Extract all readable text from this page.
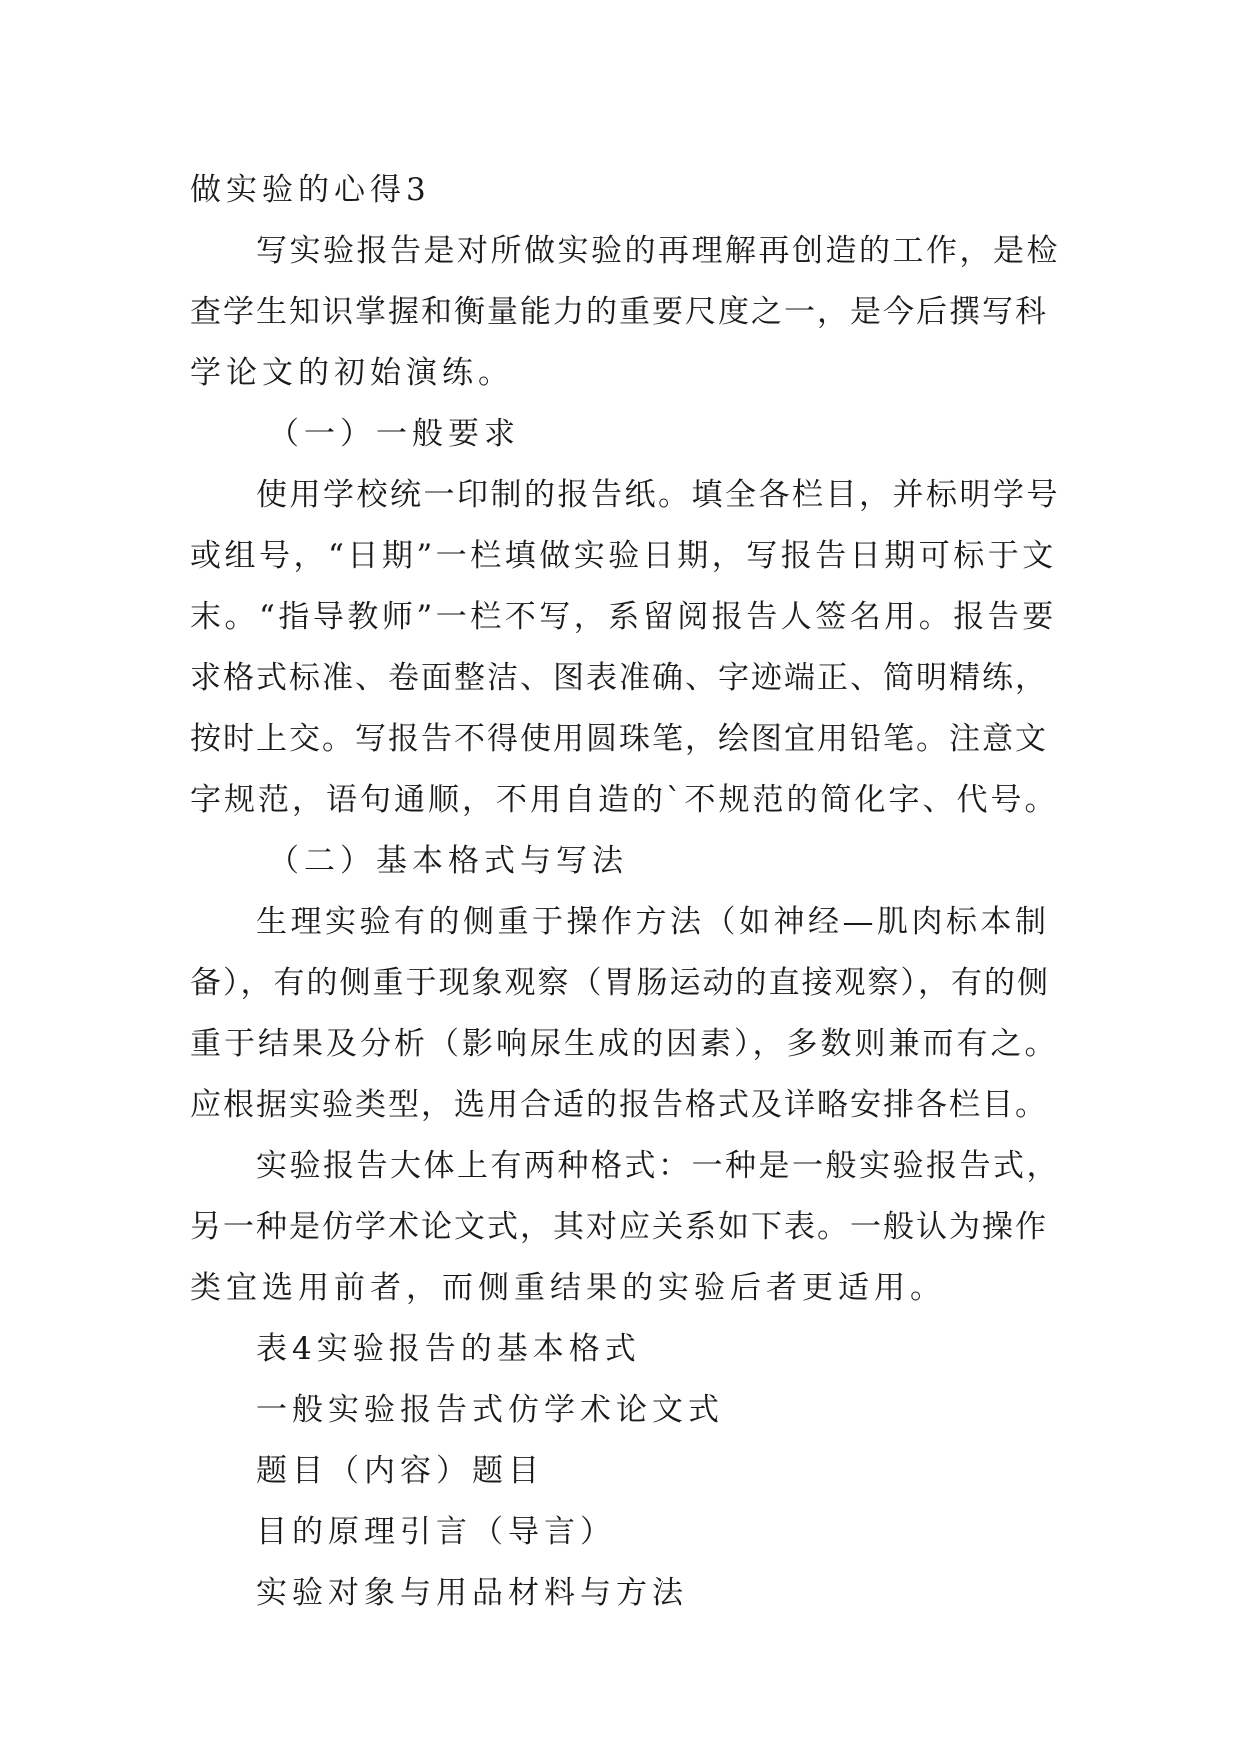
做实验的心得3
写实验报告是对所做实验的再理解再创造的工作，是检
查学生知识掌握和衡量能力的重要尺度之一，是今后撰写科
学论文的初始演练。
（一）一般要求
使用学校统一印制的报告纸。填全各栏目，并标明学号
或组号，“日期”一栏填做实验日期，写报告日期可标于文
末。“指导教师”一栏不写，系留阅报告人签名用。报告要
求格式标准、卷面整洁、图表准确、字迹端正、简明精练，
按时上交。写报告不得使用圆珠笔，绘图宜用铅笔。注意文
字规范，语句通顺，不用自造的`不规范的简化字、代号。
（二）基本格式与写法
生理实验有的侧重于操作方法（如神经—肌肉标本制
备），有的侧重于现象观察（胃肠运动的直接观察），有的侧
重于结果及分析（影响尿生成的因素），多数则兼而有之。
应根据实验类型，选用合适的报告格式及详略安排各栏目。
实验报告大体上有两种格式：一种是一般实验报告式，
另一种是仿学术论文式，其对应关系如下表。一般认为操作
类宜选用前者，而侧重结果的实验后者更适用。
表4实验报告的基本格式
一般实验报告式仿学术论文式
题目（内容）题目
目的原理引言（导言）
实验对象与用品材料与方法
